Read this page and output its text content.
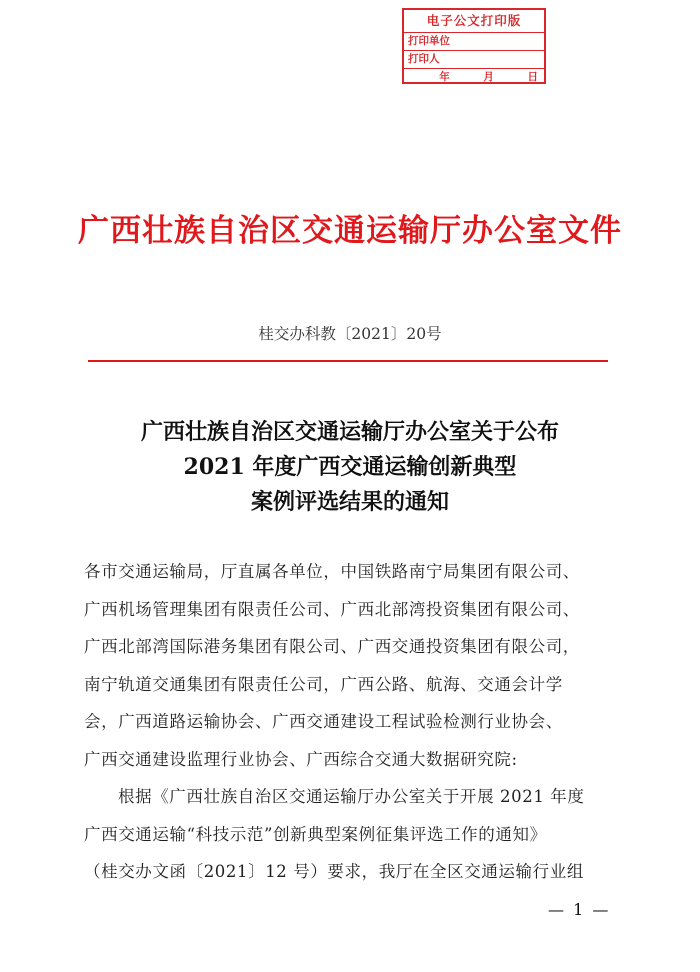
电子公文打印版
打印单位
打印人
年	月	日
广西壮族自治区交通运输厅办公室文件
桂交办科教〔2021〕20号
广西壮族自治区交通运输厅办公室关于公布
2021 年度广西交通运输创新典型
案例评选结果的通知
各市交通运输局，厅直属各单位，中国铁路南宁局集团有限公司、
广西机场管理集团有限责任公司、广西北部湾投资集团有限公司、
广西北部湾国际港务集团有限公司、广西交通投资集团有限公司，
南宁轨道交通集团有限责任公司，广西公路、航海、交通会计学
会，广西道路运输协会、广西交通建设工程试验检测行业协会、
广西交通建设监理行业协会、广西综合交通大数据研究院:
根据《广西壮族自治区交通运输厅办公室关于开展 2021 年度
广西交通运输“科技示范”创新典型案例征集评选工作的通知》
（桂交办文函〔2021〕12 号）要求，我厅在全区交通运输行业组
— 1 —
